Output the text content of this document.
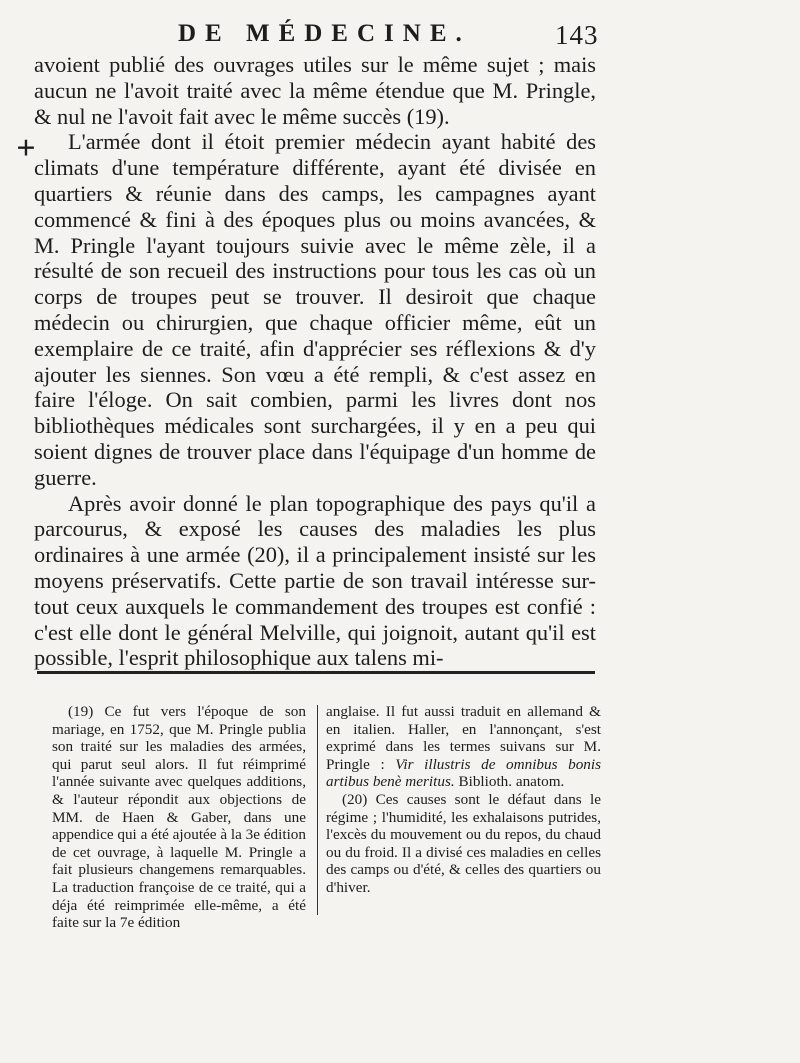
DE MÉDECINE.	143
+

avoient publié des ouvrages utiles sur le même sujet ; mais aucun ne l'avoit traité avec la même étendue que M. Pringle, & nul ne l'avoit fait avec le même succès (19).

L'armée dont il étoit premier médecin ayant habité des climats d'une température différente, ayant été divisée en quartiers & réunie dans des camps, les campagnes ayant commencé & fini à des époques plus ou moins avancées, & M. Pringle l'ayant toujours suivie avec le même zèle, il a résulté de son recueil des instructions pour tous les cas où un corps de troupes peut se trouver. Il desiroit que chaque médecin ou chirurgien, que chaque officier même, eût un exemplaire de ce traité, afin d'apprécier ses réflexions & d'y ajouter les siennes. Son vœu a été rempli, & c'est assez en faire l'éloge. On sait combien, parmi les livres dont nos bibliothèques médicales sont surchargées, il y en a peu qui soient dignes de trouver place dans l'équipage d'un homme de guerre.

Après avoir donné le plan topographique des pays qu'il a parcourus, & exposé les causes des maladies les plus ordinaires à une armée (20), il a principalement insisté sur les moyens préservatifs. Cette partie de son travail intéresse sur-tout ceux auxquels le commandement des troupes est confié : c'est elle dont le général Melville, qui joignoit, autant qu'il est possible, l'esprit philosophique aux talens mi-

(19) Ce fut vers l'époque de son mariage, en 1752, que M. Pringle publia son traité sur les maladies des armées, qui parut seul alors. Il fut réimprimé l'année suivante avec quelques additions, & l'auteur répondit aux objections de MM. de Haen & Gaber, dans une appendice qui a été ajoutée à la 3e édition de cet ouvrage, à laquelle M. Pringle a fait plusieurs changemens remarquables. La traduction françoise de ce traité, qui a déja été reimprimée elle-même, a été faite sur la 7e édition

anglaise. Il fut aussi traduit en allemand & en italien. Haller, en l'annonçant, s'est exprimé dans les termes suivans sur M. Pringle : Vir illustris de omnibus bonis artibus benè meritus. Biblioth. anatom.

(20) Ces causes sont le défaut dans le régime ; l'humidité, les exhalaisons putrides, l'excès du mouvement ou du repos, du chaud ou du froid. Il a divisé ces maladies en celles des camps ou d'été, & celles des quartiers ou d'hiver.
